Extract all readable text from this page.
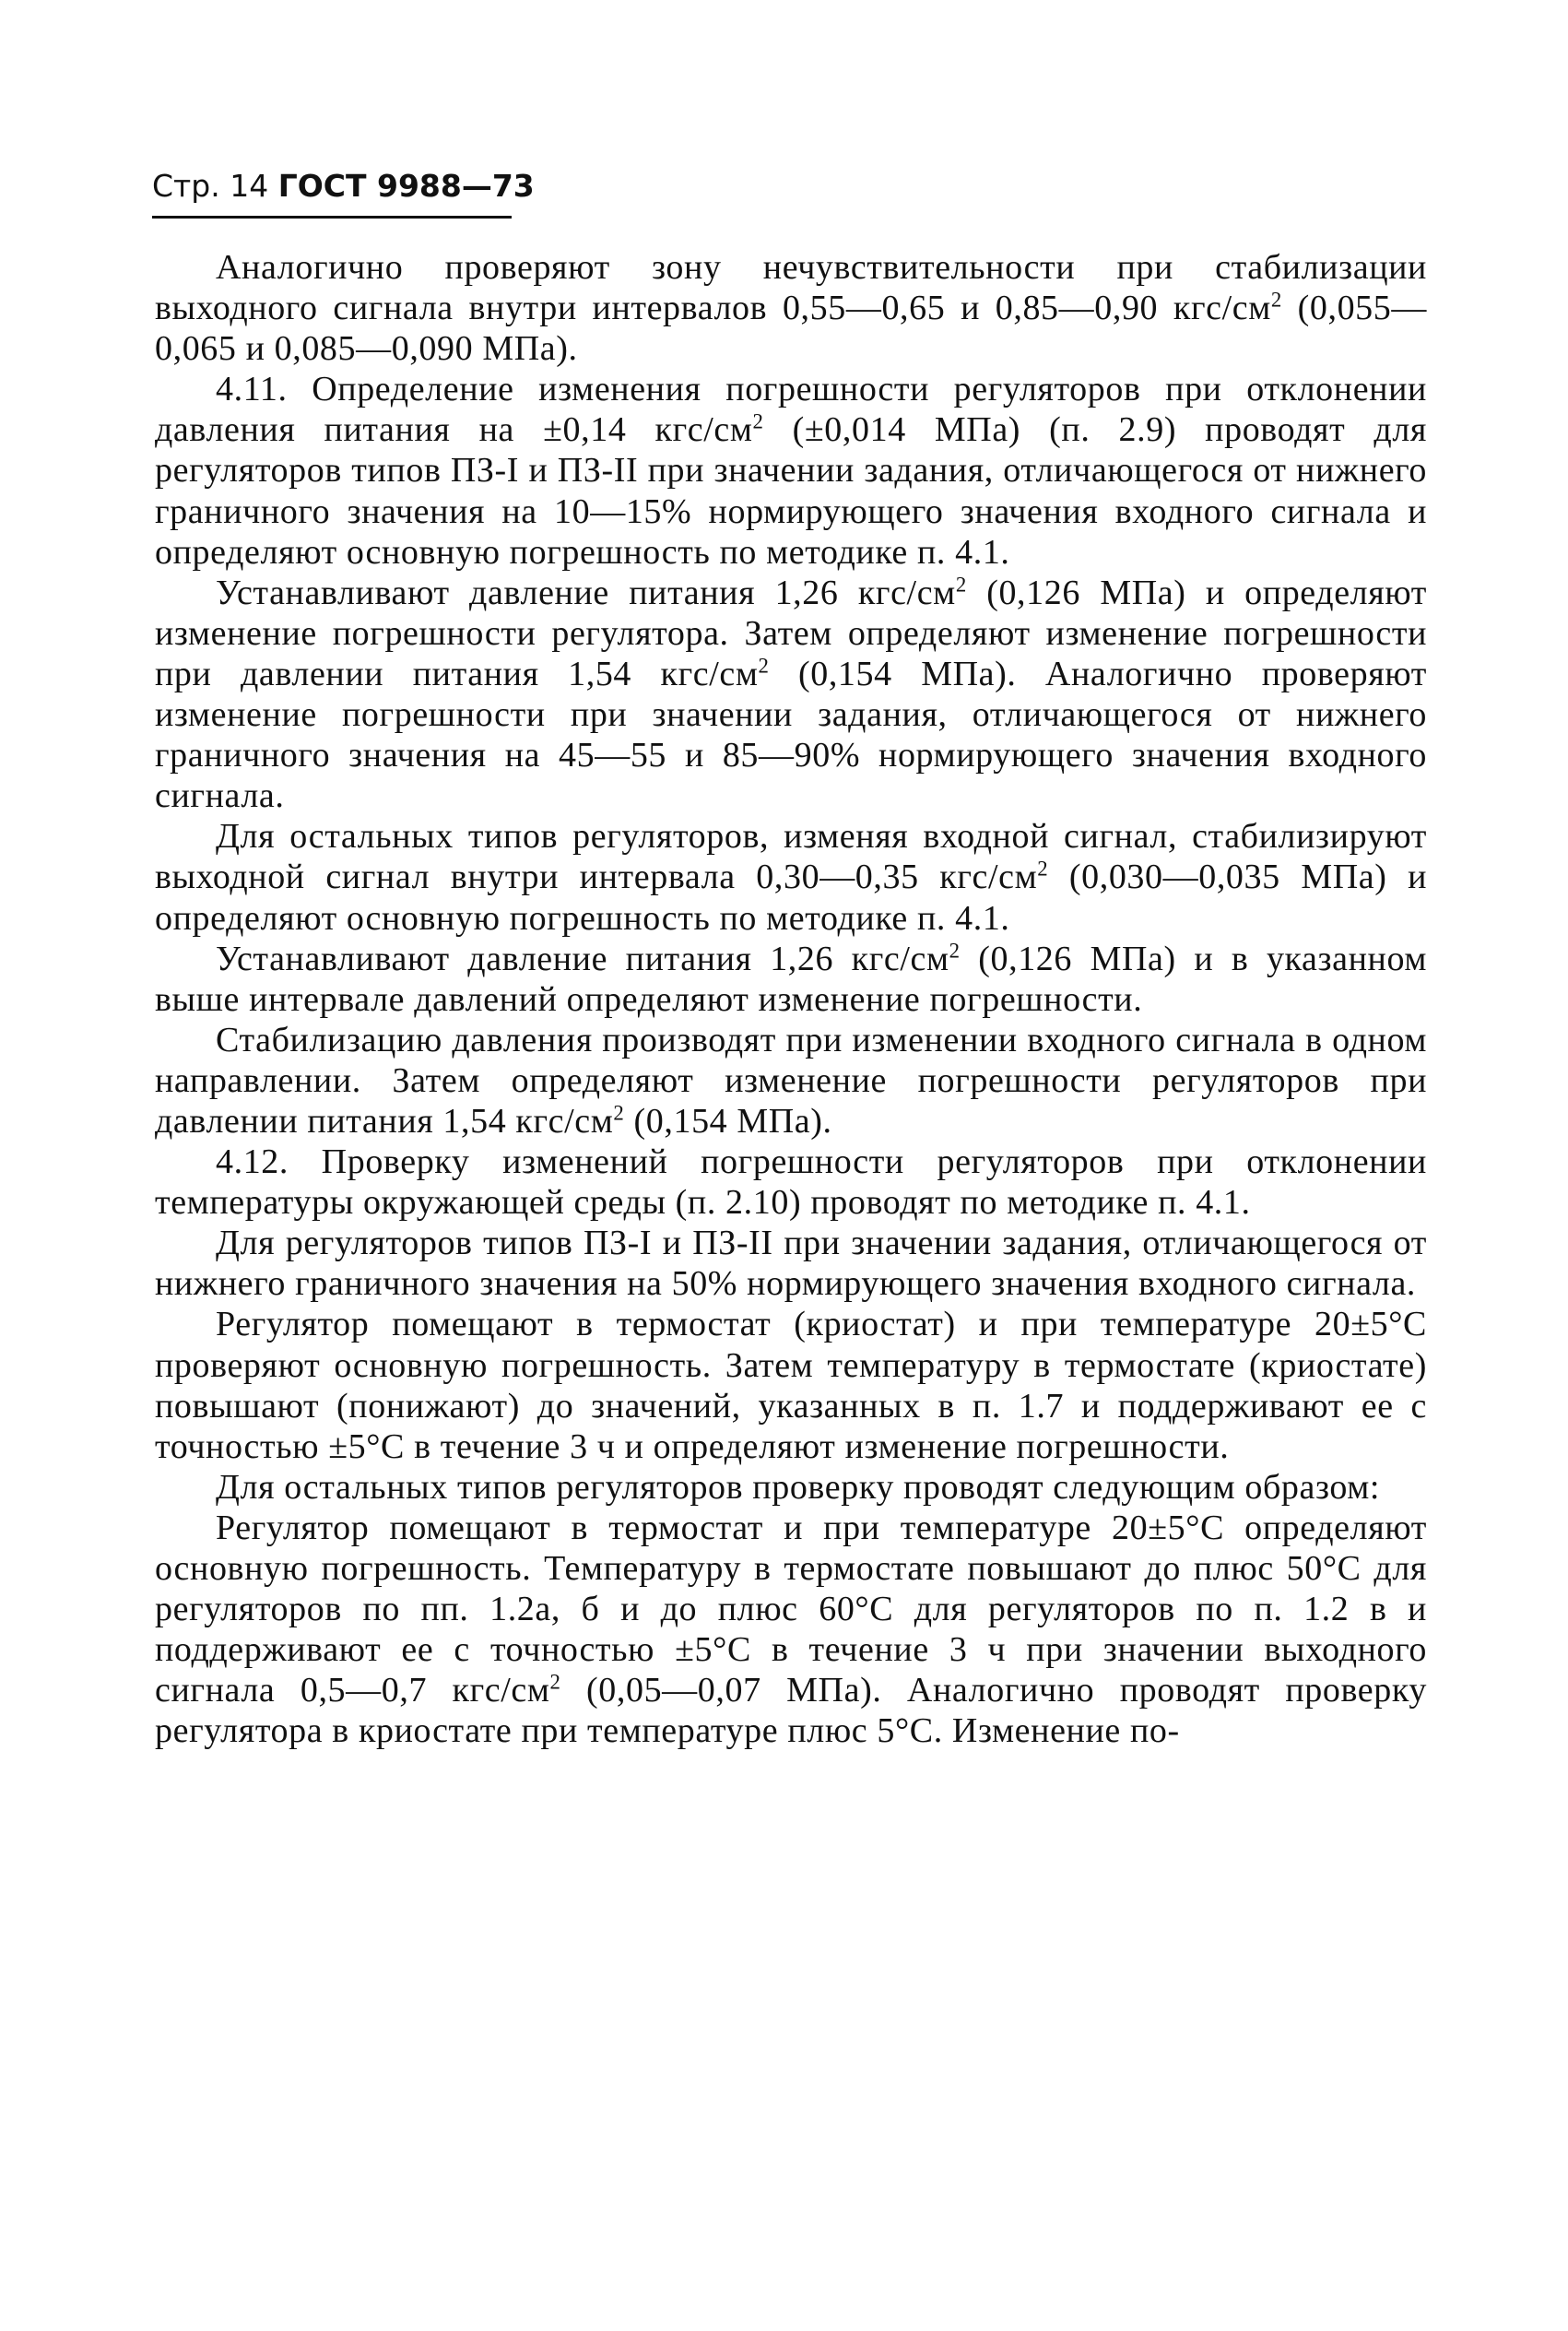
Стр. 14 ГОСТ 9988—73

Аналогично проверяют зону нечувствительности при стабилизации выходного сигнала внутри интервалов 0,55—0,65 и 0,85—0,90 кгс/$см^2$ (0,055—0,065 и 0,085—0,090 МПа).

4.11. Определение изменения погрешности регуляторов при отклонении давления питания на ±0,14 кгс/$см^2$ (±0,014 МПа) (п. 2.9) проводят для регуляторов типов ПЗ-I и ПЗ-II при значении задания, отличающегося от нижнего граничного значения на 10—15% нормирующего значения входного сигнала и определяют основную погрешность по методике п. 4.1.

Устанавливают давление питания 1,26 кгс/$см^2$ (0,126 МПа) и определяют изменение погрешности регулятора. Затем определяют изменение погрешности при давлении питания 1,54 кгс/$см^2$ (0,154 МПа). Аналогично проверяют изменение погрешности при значении задания, отличающегося от нижнего граничного значения на 45—55 и 85—90% нормирующего значения входного сигнала.

Для остальных типов регуляторов, изменяя входной сигнал, стабилизируют выходной сигнал внутри интервала 0,30—0,35 кгс/$см^2$ (0,030—0,035 МПа) и определяют основную погрешность по методике п. 4.1.

Устанавливают давление питания 1,26 кгс/$см^2$ (0,126 МПа) и в указанном выше интервале давлений определяют изменение погрешности.

Стабилизацию давления производят при изменении входного сигнала в одном направлении. Затем определяют изменение погрешности регуляторов при давлении питания 1,54 кгс/$см^2$ (0,154 МПа).

4.12. Проверку изменений погрешности регуляторов при отклонении температуры окружающей среды (п. 2.10) проводят по методике п. 4.1.

Для регуляторов типов ПЗ-I и ПЗ-II при значении задания, отличающегося от нижнего граничного значения на 50% нормирующего значения входного сигнала.

Регулятор помещают в термостат (криостат) и при температуре 20±5°С проверяют основную погрешность. Затем температуру в термостате (криостате) повышают (понижают) до значений, указанных в п. 1.7 и поддерживают ее с точностью ±5°С в течение 3 ч и определяют изменение погрешности.

Для остальных типов регуляторов проверку проводят следующим образом:

Регулятор помещают в термостат и при температуре 20±5°С определяют основную погрешность. Температуру в термостате повышают до плюс 50°С для регуляторов по пп. 1.2а, б и до плюс 60°С для регуляторов по п. 1.2 в и поддерживают ее с точностью ±5°С в течение 3 ч при значении выходного сигнала 0,5—0,7 кгс/$см^2$ (0,05—0,07 МПа). Аналогично проводят проверку регулятора в криостате при температуре плюс 5°С. Изменение по-
